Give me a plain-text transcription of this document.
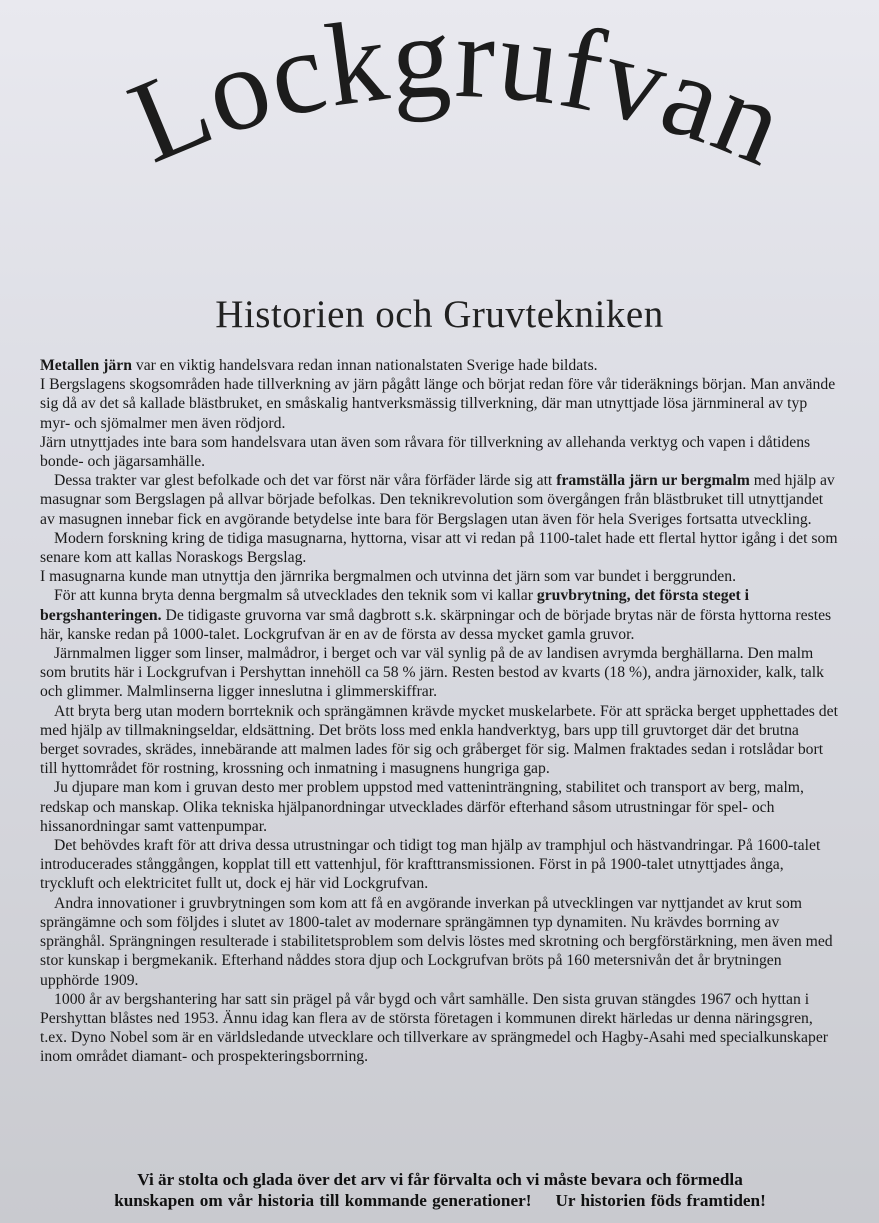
Lockgrufvan
Historien och Gruvtekniken

Metallen järn var en viktig handelsvara redan innan nationalstaten Sverige hade bildats.

I Bergslagens skogsområden hade tillverkning av järn pågått länge och börjat redan före vår tideräknings början. Man använde sig då av det så kallade blästbruket, en småskalig hantverksmässig tillverkning, där man utnyttjade lösa järnmineral av typ myr- och sjömalmer men även rödjord.

Järn utnyttjades inte bara som handelsvara utan även som råvara för tillverkning av allehanda verktyg och vapen i dåtidens bonde- och jägarsamhälle.

Dessa trakter var glest befolkade och det var först när våra förfäder lärde sig att framställa järn ur bergmalm med hjälp av masugnar som Bergslagen på allvar började befolkas. Den teknikrevolution som övergången från blästbruket till utnyttjandet av masugnen innebar fick en avgörande betydelse inte bara för Bergslagen utan även för hela Sveriges fortsatta utveckling.

Modern forskning kring de tidiga masugnarna, hyttorna, visar att vi redan på 1100-talet hade ett flertal hyttor igång i det som senare kom att kallas Noraskogs Bergslag.

I masugnarna kunde man utnyttja den järnrika bergmalmen och utvinna det järn som var bundet i berggrunden.

För att kunna bryta denna bergmalm så utvecklades den teknik som vi kallar gruvbrytning, det första steget i bergshanteringen. De tidigaste gruvorna var små dagbrott s.k. skärpningar och de började brytas när de första hyttorna restes här, kanske redan på 1000-talet. Lockgrufvan är en av de första av dessa mycket gamla gruvor.

Järnmalmen ligger som linser, malmådror, i berget och var väl synlig på de av landisen avrymda berghällarna. Den malm som brutits här i Lockgrufvan i Pershyttan innehöll ca 58 % järn. Resten bestod av kvarts (18 %), andra järnoxider, kalk, talk och glimmer. Malmlinserna ligger inneslutna i glimmerskiffrar.

Att bryta berg utan modern borrteknik och sprängämnen krävde mycket muskelarbete. För att spräcka berget upphettades det med hjälp av tillmakningseldar, eldsättning. Det bröts loss med enkla handverktyg, bars upp till gruvtorget där det brutna berget sovrades, skrädes, innebärande att malmen lades för sig och gråberget för sig. Malmen fraktades sedan i rotslådar bort till hyttområdet för rostning, krossning och inmatning i masugnens hungriga gap.

Ju djupare man kom i gruvan desto mer problem uppstod med vatteninträngning, stabilitet och transport av berg, malm, redskap och manskap. Olika tekniska hjälpanordningar utvecklades därför efterhand såsom utrustningar för spel- och hissanordningar samt vattenpumpar.

Det behövdes kraft för att driva dessa utrustningar och tidigt tog man hjälp av tramphjul och hästvandringar. På 1600-talet introducerades stånggången, kopplat till ett vattenhjul, för krafttransmissionen. Först in på 1900-talet utnyttjades ånga, tryckluft och elektricitet fullt ut, dock ej här vid Lockgrufvan.

Andra innovationer i gruvbrytningen som kom att få en avgörande inverkan på utvecklingen var nyttjandet av krut som sprängämne och som följdes i slutet av 1800-talet av modernare sprängämnen typ dynamiten. Nu krävdes borrning av spränghål. Sprängningen resulterade i stabilitetsproblem som delvis löstes med skrotning och bergförstärkning, men även med stor kunskap i bergmekanik. Efterhand nåddes stora djup och Lockgrufvan bröts på 160 metersnivån det år brytningen upphörde 1909.

1000 år av bergshantering har satt sin prägel på vår bygd och vårt samhälle. Den sista gruvan stängdes 1967 och hyttan i Pershyttan blåstes ned 1953. Ännu idag kan flera av de största företagen i kommunen direkt härledas ur denna näringsgren, t.ex. Dyno Nobel som är en världsledande utvecklare och tillverkare av sprängmedel och Hagby-Asahi med specialkunskaper inom området diamant- och prospekteringsborrning.

Vi är stolta och glada över det arv vi får förvalta och vi måste bevara och förmedla
kunskapen om vår historia till kommande generationer! Ur historien föds framtiden!
